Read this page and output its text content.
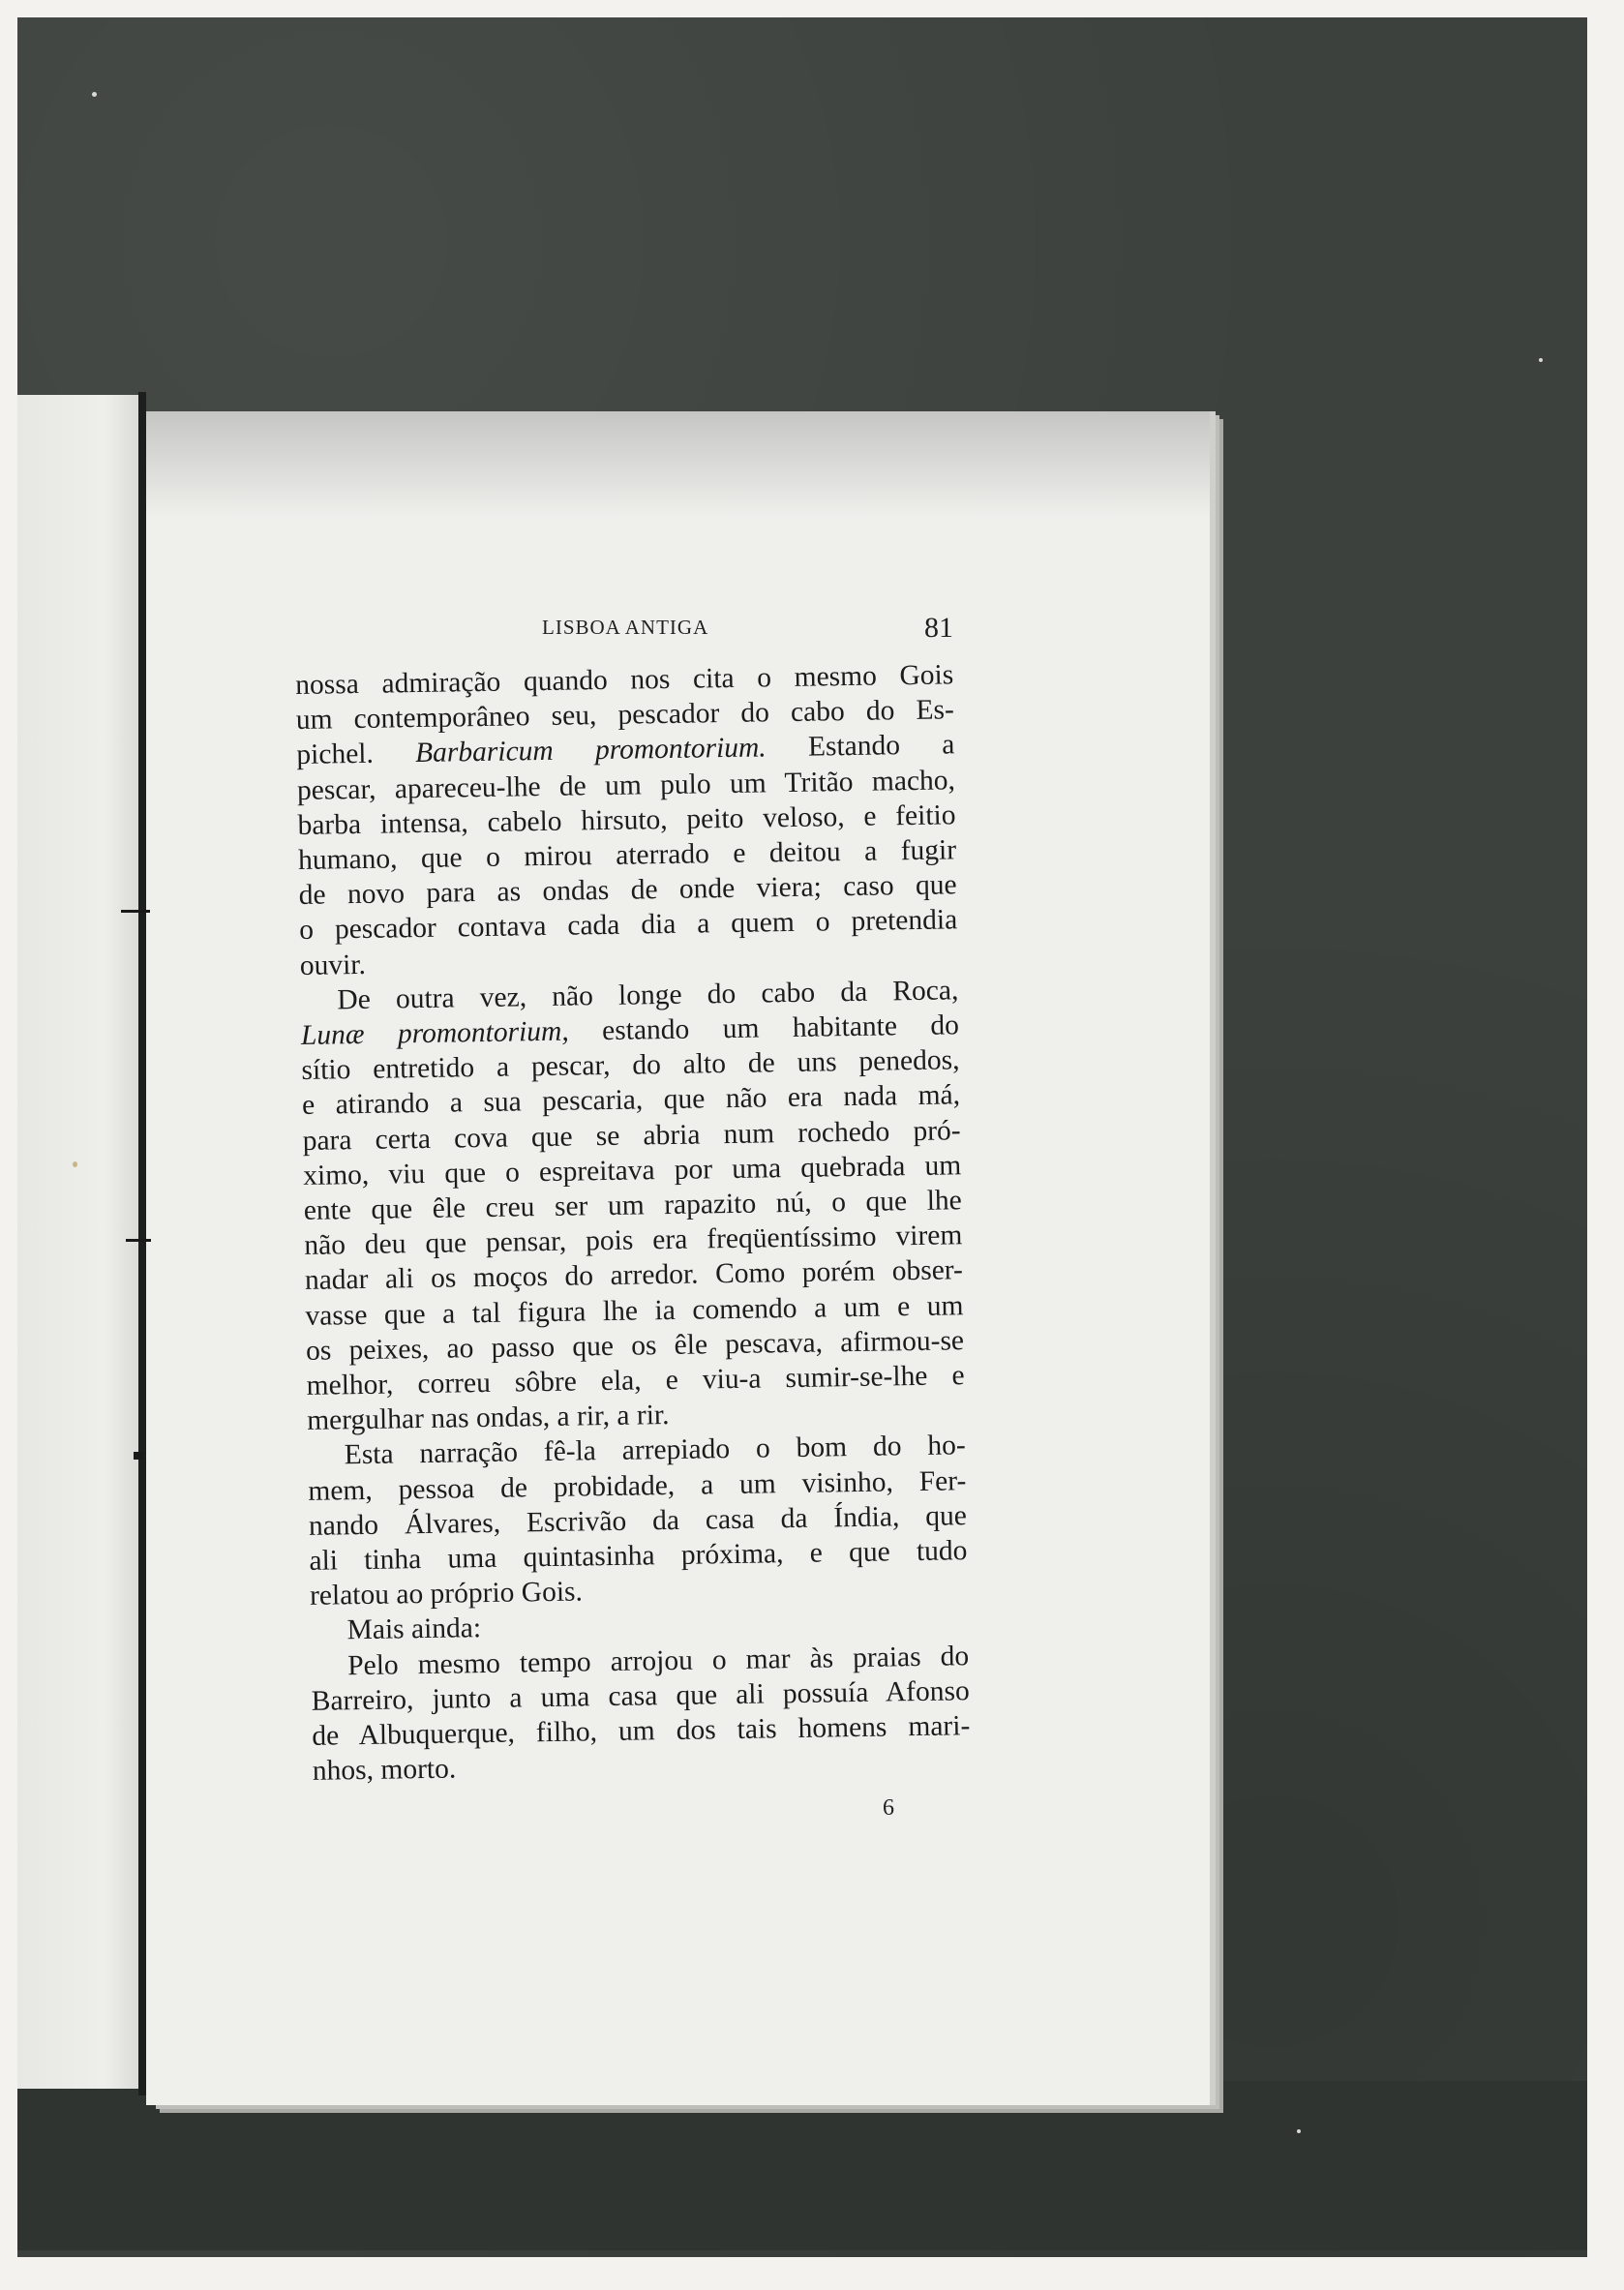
LISBOA ANTIGA	81
nossa admiração quando nos cita o mesmo Gois
um contemporâneo seu, pescador do cabo do Es-
pichel. Barbaricum promontorium. Estando a
pescar, apareceu-lhe de um pulo um Tritão macho,
barba intensa, cabelo hirsuto, peito veloso, e feitio
humano, que o mirou aterrado e deitou a fugir
de novo para as ondas de onde viera; caso que
o pescador contava cada dia a quem o pretendia
ouvir.
De outra vez, não longe do cabo da Roca,
Lunæ promontorium, estando um habitante do
sítio entretido a pescar, do alto de uns penedos,
e atirando a sua pescaria, que não era nada má,
para certa cova que se abria num rochedo pró-
ximo, viu que o espreitava por uma quebrada um
ente que êle creu ser um rapazito nú, o que lhe
não deu que pensar, pois era freqüentíssimo virem
nadar ali os moços do arredor. Como porém obser-
vasse que a tal figura lhe ia comendo a um e um
os peixes, ao passo que os êle pescava, afirmou-se
melhor, correu sôbre ela, e viu-a sumir-se-lhe e
mergulhar nas ondas, a rir, a rir.
Esta narração fê-la arrepiado o bom do ho-
mem, pessoa de probidade, a um visinho, Fer-
nando Álvares, Escrivão da casa da Índia, que
ali tinha uma quintasinha próxima, e que tudo
relatou ao próprio Gois.
Mais ainda:
Pelo mesmo tempo arrojou o mar às praias do
Barreiro, junto a uma casa que ali possuía Afonso
de Albuquerque, filho, um dos tais homens mari-
nhos, morto.
6
